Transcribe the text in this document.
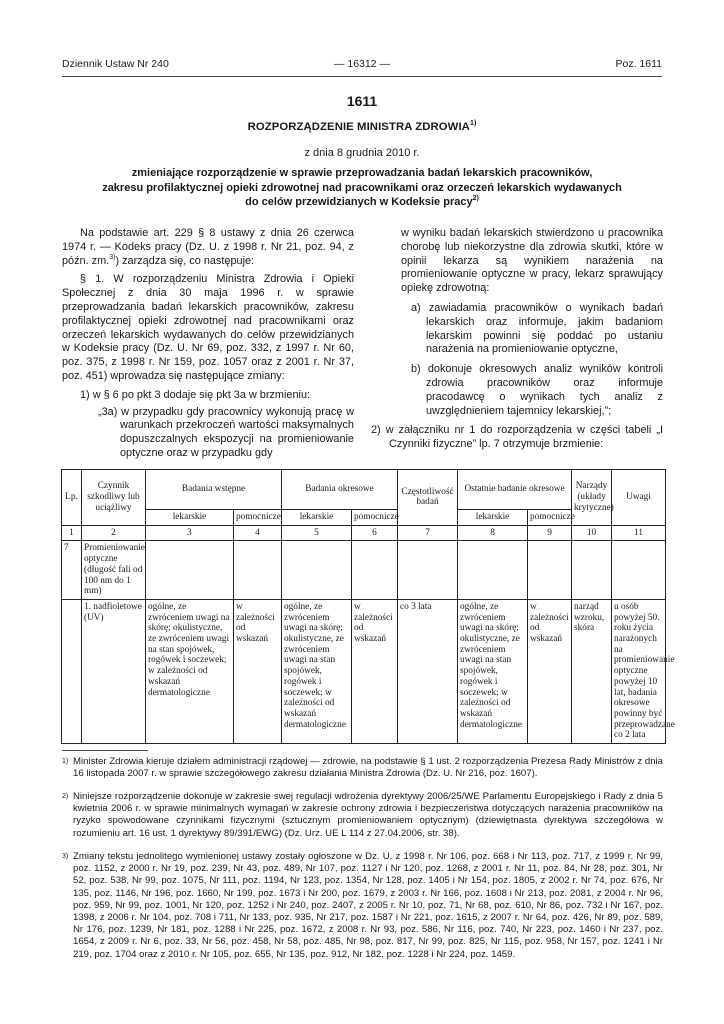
Dziennik Ustaw Nr 240	— 16312 —	Poz. 1611
1611
ROZPORZĄDZENIE MINISTRA ZDROWIA$^{1)}$
z dnia 8 grudnia 2010 r.
zmieniające rozporządzenie w sprawie przeprowadzania badań lekarskich pracowników,
zakresu profilaktycznej opieki zdrowotnej nad pracownikami oraz orzeczeń lekarskich wydawanych
do celów przewidzianych w Kodeksie pracy$^{2)}$

Na podstawie art. 229 § 8 ustawy z dnia 26 czerwca 1974 r. — Kodeks pracy (Dz. U. z 1998 r. Nr 21, poz. 94, z późn. zm.$^{3)}$) zarządza się, co następuje:

§ 1. W rozporządzeniu Ministra Zdrowia i Opieki Społecznej z dnia 30 maja 1996 r. w sprawie przeprowadzania badań lekarskich pracowników, zakresu profilaktycznej opieki zdrowotnej nad pracownikami oraz orzeczeń lekarskich wydawanych do celów przewidzianych w Kodeksie pracy (Dz. U. Nr 69, poz. 332, z 1997 r. Nr 60, poz. 375, z 1998 r. Nr 159, poz. 1057 oraz z 2001 r. Nr 37, poz. 451) wprowadza się następujące zmiany:

1) w § 6 po pkt 3 dodaje się pkt 3a w brzmieniu:

„3a) w przypadku gdy pracownicy wykonują pracę w warunkach przekroczeń wartości maksymalnych dopuszczalnych ekspozycji na promieniowanie optyczne oraz w przypadku gdy

w wyniku badań lekarskich stwierdzono u pracownika chorobę lub niekorzystne dla zdrowia skutki, które w opinii lekarza są wynikiem narażenia na promieniowanie optyczne w pracy, lekarz sprawujący opiekę zdrowotną:

a) zawiadamia pracowników o wynikach badań lekarskich oraz informuje, jakim badaniom lekarskim powinni się poddać po ustaniu narażenia na promieniowanie optyczne,

b) dokonuje okresowych analiz wyników kontroli zdrowia pracowników oraz informuje pracodawcę o wynikach tych analiz z uwzględnieniem tajemnicy lekarskiej,”;

2) w załączniku nr 1 do rozporządzenia w części tabeli „I Czynniki fizyczne” lp. 7 otrzymuje brzmienie:

Lp.	Czynnik szkodliwy lub uciążliwy	Badania wstępne		Badania okresowe		Częstotliwość badań	Ostatnie badanie okresowe		Narządy (układy krytyczne)	Uwagi
		lekarskie	pomocnicze	lekarskie	pomocnicze		lekarskie	pomocnicze		
1	2	3	4	5	6	7	8	9	10	11
7	Promieniowanie optyczne (długość fali od 100 nm do 1 mm)									
	1. nadfioletowe (UV)	ogólne, ze zwróceniem uwagi na skórę; okulistyczne, ze zwróceniem uwagi na stan spojówek, rogówek i soczewek; w zależności od wskazań dermatologiczne	w zależności od wskazań	ogólne, ze zwróceniem uwagi na skórę; okulistyczne, ze zwróceniem uwagi na stan spojówek, rogówek i soczewek; w zależności od wskazań dermatologiczne	w zależności od wskazań	co 3 lata	ogólne, ze zwróceniem uwagi na skórę; okulistyczne, ze zwróceniem uwagi na stan spojówek, rogówek i soczewek; w zależności od wskazań dermatologiczne	w zależności od wskazań	narząd wzroku, skóra	u osób powyżej 50. roku życia narażonych na promieniowanie optyczne powyżej 10 lat, badania okresowe powinny być przeprowadzane co 2 lata
1) Minister Zdrowia kieruje działem administracji rządowej — zdrowie, na podstawie § 1 ust. 2 rozporządzenia Prezesa Rady Ministrów z dnia 16 listopada 2007 r. w sprawie szczegółowego zakresu działania Ministra Zdrowia (Dz. U. Nr 216, poz. 1607).
2) Niniejsze rozporządzenie dokonuje w zakresie swej regulacji wdrożenia dyrektywy 2006/25/WE Parlamentu Europejskiego i Rady z dnia 5 kwietnia 2006 r. w sprawie minimalnych wymagań w zakresie ochrony zdrowia i bezpieczeństwa dotyczących narażenia pracowników na ryzyko spowodowane czynnikami fizycznymi (sztucznym promieniowaniem optycznym) (dziewiętnasta dyrektywa szczegółowa w rozumieniu art. 16 ust. 1 dyrektywy 89/391/EWG) (Dz. Urz. UE L 114 z 27.04.2006, str. 38).
3) Zmiany tekstu jednolitego wymienionej ustawy zostały ogłoszone w Dz. U. z 1998 r. Nr 106, poz. 668 i Nr 113, poz. 717, z 1999 r. Nr 99, poz. 1152, z 2000 r. Nr 19, poz. 239, Nr 43, poz. 489, Nr 107, poz. 1127 i Nr 120, poz. 1268, z 2001 r. Nr 11, poz. 84, Nr 28, poz. 301, Nr 52, poz. 538, Nr 99, poz. 1075, Nr 111, poz. 1194, Nr 123, poz. 1354, Nr 128, poz. 1405 i Nr 154, poz. 1805, z 2002 r. Nr 74, poz. 676, Nr 135, poz. 1146, Nr 196, poz. 1660, Nr 199, poz. 1673 i Nr 200, poz. 1679, z 2003 r. Nr 166, poz. 1608 i Nr 213, poz. 2081, z 2004 r. Nr 96, poz. 959, Nr 99, poz. 1001, Nr 120, poz. 1252 i Nr 240, poz. 2407, z 2005 r. Nr 10, poz. 71, Nr 68, poz. 610, Nr 86, poz. 732 i Nr 167, poz. 1398, z 2006 r. Nr 104, poz. 708 i 711, Nr 133, poz. 935, Nr 217, poz. 1587 i Nr 221, poz. 1615, z 2007 r. Nr 64, poz. 426, Nr 89, poz. 589, Nr 176, poz. 1239, Nr 181, poz. 1288 i Nr 225, poz. 1672, z 2008 r. Nr 93, poz. 586, Nr 116, poz. 740, Nr 223, poz. 1460 i Nr 237, poz. 1654, z 2009 r. Nr 6, poz. 33, Nr 56, poz. 458, Nr 58, poz. 485, Nr 98, poz. 817, Nr 99, poz. 825, Nr 115, poz. 958, Nr 157, poz. 1241 i Nr 219, poz. 1704 oraz z 2010 r. Nr 105, poz. 655, Nr 135, poz. 912, Nr 182, poz. 1228 i Nr 224, poz. 1459.
